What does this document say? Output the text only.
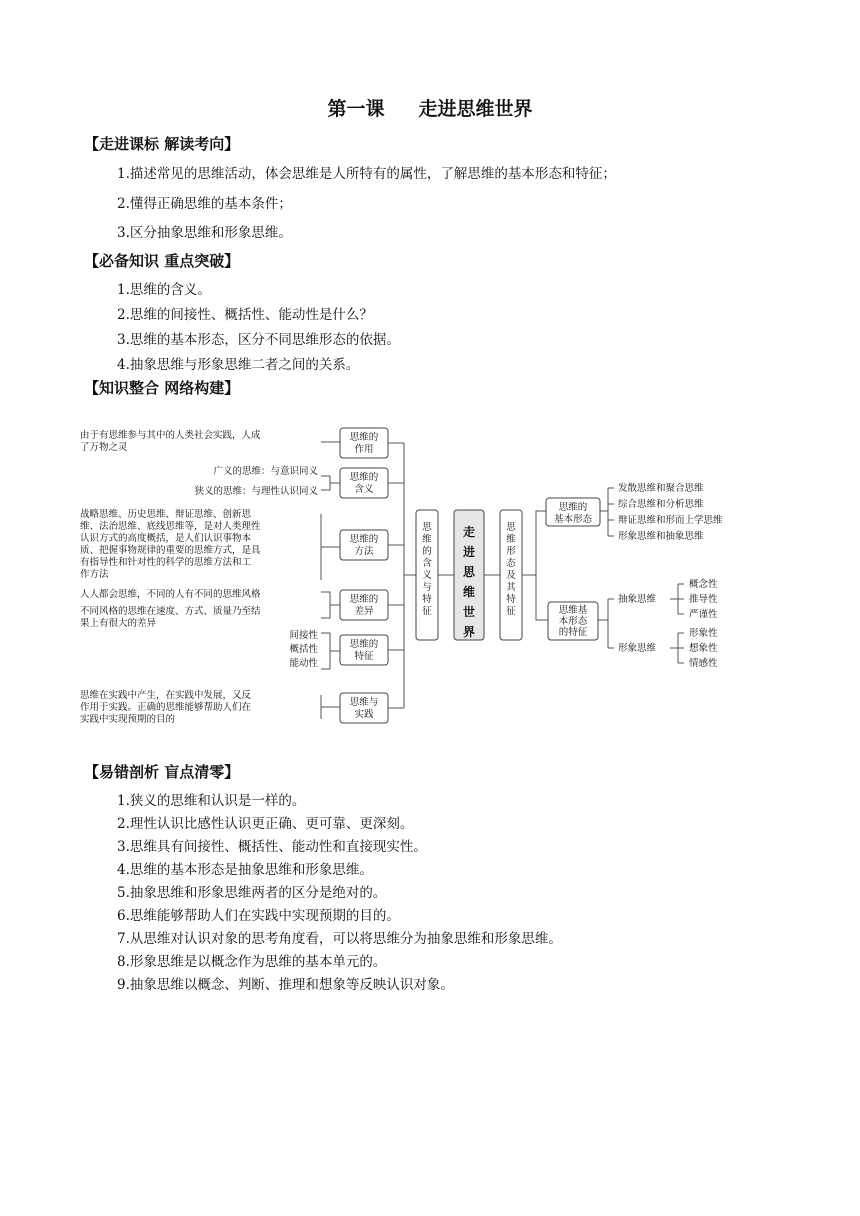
第一课 走进思维世界
【走进课标 解读考向】
1.描述常见的思维活动，体会思维是人所特有的属性，了解思维的基本形态和特征；
2.懂得正确思维的基本条件；
3.区分抽象思维和形象思维。
【必备知识 重点突破】
1.思维的含义。
2.思维的间接性、概括性、能动性是什么？
3.思维的基本形态，区分不同思维形态的依据。
4.抽象思维与形象思维二者之间的关系。
【知识整合 网络构建】
由于有思维参与其中的人类社会实践，人成
了万物之灵
广义的思维：与意识同义
狭义的思维：与理性认识同义
战略思维、历史思维、辩证思维、创新思
维、法治思维、底线思维等，是对人类理性
认识方式的高度概括，是人们认识事物本
质、把握事物规律的重要的思维方式，是具
有指导性和针对性的科学的思维方法和工
作方法
人人都会思维，不同的人有不同的思维风格
不同风格的思维在速度、方式、质量乃至结
果上有很大的差异
间接性
概括性
能动性
思维在实践中产生，在实践中发展，又反
作用于实践。正确的思维能够帮助人们在
实践中实现预期的目的
思维的
作用
思维的
含义
思维的
方法
思维的
差异
思维的
特征
思维与
实践
思
维
的
含
义
与
特
征
走
进
思
维
世
界
思
维
形
态
及
其
特
征
思维的
基本形态
思维基
本形态
的特征
发散思维和聚合思维
综合思维和分析思维
辩证思维和形而上学思维
形象思维和抽象思维
抽象思维
形象思维
概念性
推导性
严谨性
形象性
想象性
情感性
【易错剖析 盲点清零】
1.狭义的思维和认识是一样的。
2.理性认识比感性认识更正确、更可靠、更深刻。
3.思维具有间接性、概括性、能动性和直接现实性。
4.思维的基本形态是抽象思维和形象思维。
5.抽象思维和形象思维两者的区分是绝对的。
6.思维能够帮助人们在实践中实现预期的目的。
7.从思维对认识对象的思考角度看，可以将思维分为抽象思维和形象思维。
8.形象思维是以概念作为思维的基本单元的。
9.抽象思维以概念、判断、推理和想象等反映认识对象。
